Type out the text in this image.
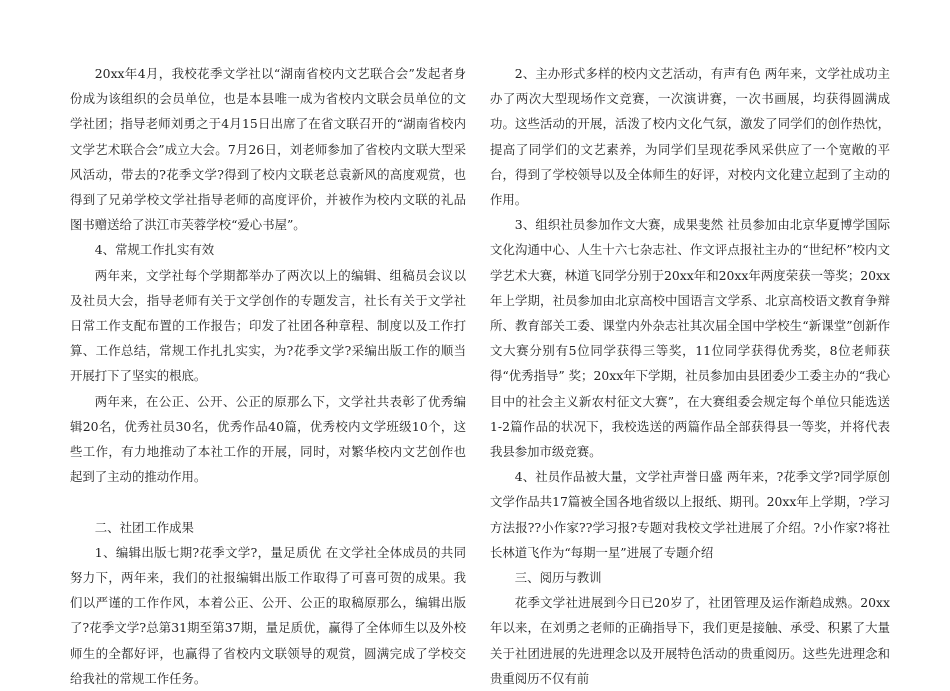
20xx年4月，我校花季文学社以“湖南省校内文艺联合会”发起者身份成为该组织的会员单位，也是本县唯一成为省校内文联会员单位的文学社团；指导老师刘勇之于4月15日出席了在省文联召开的“湖南省校内文学艺术联合会”成立大会。7月26日，刘老师参加了省校内文联大型采风活动，带去的?花季文学?得到了校内文联老总袁新风的高度观赏，也得到了兄弟学校文学社指导老师的高度评价，并被作为校内文联的礼品图书赠送给了洪江市芙蓉学校“爱心书屋”。

4、常规工作扎实有效

两年来，文学社每个学期都举办了两次以上的编辑、组稿员会议以及社员大会，指导老师有关于文学创作的专题发言，社长有关于文学社日常工作支配布置的工作报告；印发了社团各种章程、制度以及工作打算、工作总结，常规工作扎扎实实，为?花季文学?采编出版工作的顺当开展打下了坚实的根底。

两年来，在公正、公开、公正的原那么下，文学社共表彰了优秀编辑20名，优秀社员30名，优秀作品40篇，优秀校内文学班级10个，这些工作，有力地推动了本社工作的开展，同时，对繁华校内文艺创作也起到了主动的推动作用。

二、社团工作成果

1、编辑出版七期?花季文学?，量足质优 在文学社全体成员的共同努力下，两年来，我们的社报编辑出版工作取得了可喜可贺的成果。我们以严谨的工作作风，本着公正、公开、公正的取稿原那么，编辑出版了?花季文学?总第31期至第37期，量足质优，赢得了全体师生以及外校师生的全都好评，也赢得了省校内文联领导的观赏，圆满完成了学校交给我社的常规工作任务。

2、主办形式多样的校内文艺活动，有声有色 两年来，文学社成功主办了两次大型现场作文竞赛，一次演讲赛，一次书画展，均获得圆满成功。这些活动的开展，活泼了校内文化气氛，激发了同学们的创作热忱，提高了同学们的文艺素养，为同学们呈现花季风采供应了一个宽敞的平台，得到了学校领导以及全体师生的好评，对校内文化建立起到了主动的作用。

3、组织社员参加作文大赛，成果斐然 社员参加由北京华夏博学国际文化沟通中心、人生十六七杂志社、作文评点报社主办的“世纪杯”校内文学艺术大赛，林道飞同学分别于20xx年和20xx年两度荣获一等奖；20xx年上学期，社员参加由北京高校中国语言文学系、北京高校语文教育争辩所、教育部关工委、课堂内外杂志社其次届全国中学校生“新课堂”创新作文大赛分别有5位同学获得三等奖，11位同学获得优秀奖，8位老师获得“优秀指导” 奖；20xx年下学期，社员参加由县团委少工委主办的“我心目中的社会主义新农村征文大赛”，在大赛组委会规定每个单位只能选送1-2篇作品的状况下，我校选送的两篇作品全部获得县一等奖，并将代表我县参加市级竞赛。

4、社员作品被大量，文学社声誉日盛 两年来，?花季文学?同学原创文学作品共17篇被全国各地省级以上报纸、期刊。20xx年上学期，?学习方法报??小作家??学习报?专题对我校文学社进展了介绍。?小作家?将社长林道飞作为“每期一星”进展了专题介绍

三、阅历与教训

花季文学社进展到今日已20岁了，社团管理及运作渐趋成熟。20xx年以来，在刘勇之老师的正确指导下，我们更是接触、承受、积累了大量关于社团进展的先进理念以及开展特色活动的贵重阅历。这些先进理念和贵重阅历不仅有前
